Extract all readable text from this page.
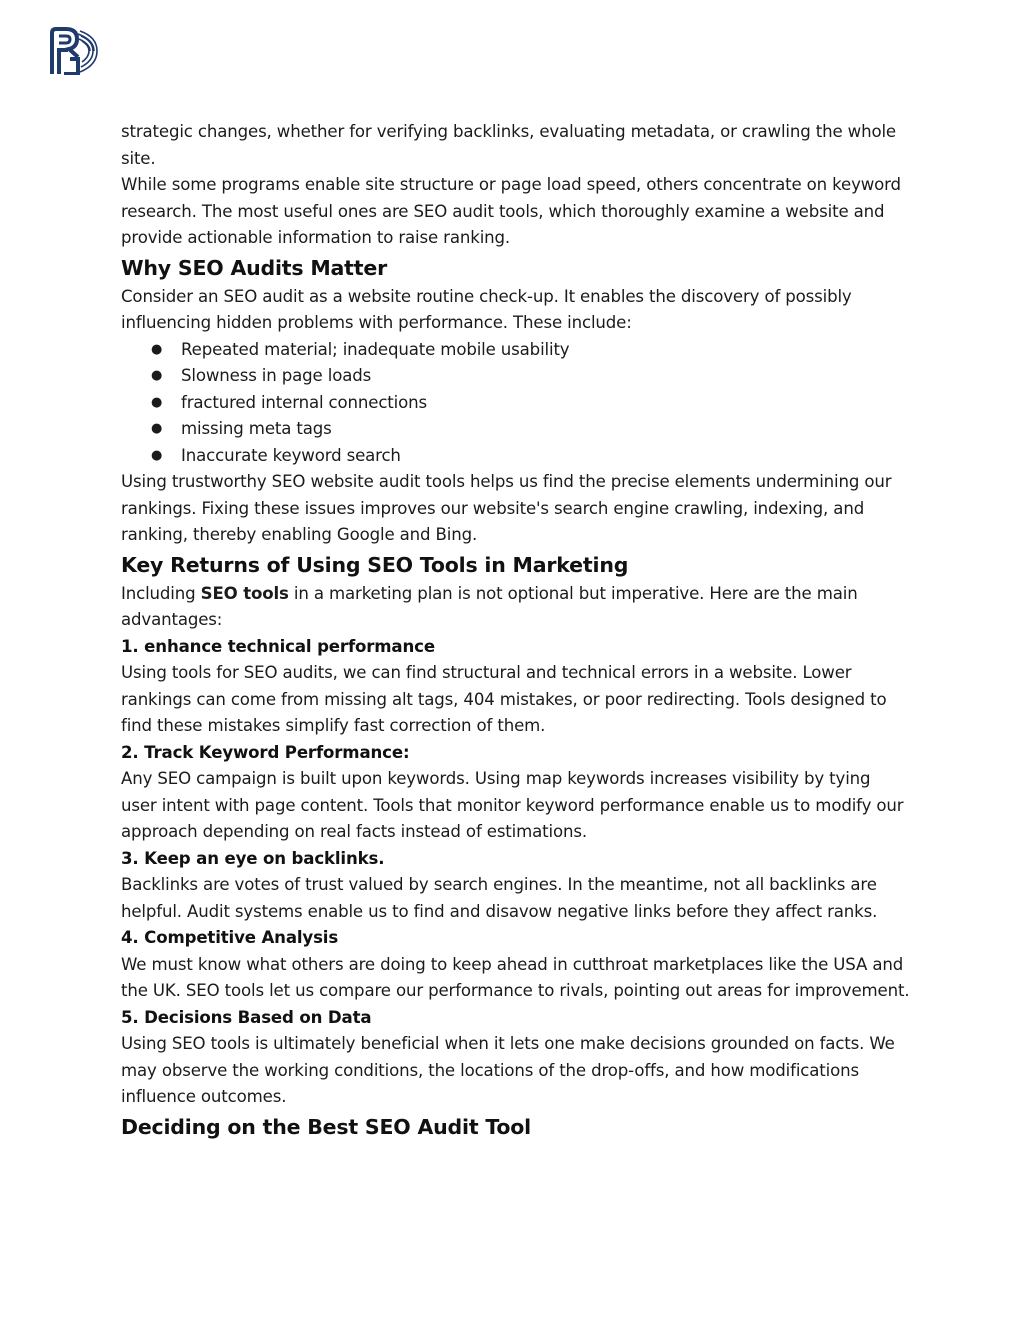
strategic changes, whether for verifying backlinks, evaluating metadata, or crawling the whole site.

While some programs enable site structure or page load speed, others concentrate on keyword research. The most useful ones are SEO audit tools, which thoroughly examine a website and provide actionable information to raise ranking.

Why SEO Audits Matter

Consider an SEO audit as a website routine check-up. It enables the discovery of possibly influencing hidden problems with performance. These include:

● Repeated material; inadequate mobile usability
● Slowness in page loads
● fractured internal connections
● missing meta tags
● Inaccurate keyword search

Using trustworthy SEO website audit tools helps us find the precise elements undermining our rankings. Fixing these issues improves our website's search engine crawling, indexing, and ranking, thereby enabling Google and Bing.

Key Returns of Using SEO Tools in Marketing

Including SEO tools in a marketing plan is not optional but imperative. Here are the main advantages:

1. enhance technical performance

Using tools for SEO audits, we can find structural and technical errors in a website. Lower rankings can come from missing alt tags, 404 mistakes, or poor redirecting. Tools designed to find these mistakes simplify fast correction of them.

2. Track Keyword Performance:

Any SEO campaign is built upon keywords. Using map keywords increases visibility by tying user intent with page content. Tools that monitor keyword performance enable us to modify our approach depending on real facts instead of estimations.

3. Keep an eye on backlinks.

Backlinks are votes of trust valued by search engines. In the meantime, not all backlinks are helpful. Audit systems enable us to find and disavow negative links before they affect ranks.

4. Competitive Analysis

We must know what others are doing to keep ahead in cutthroat marketplaces like the USA and the UK. SEO tools let us compare our performance to rivals, pointing out areas for improvement.

5. Decisions Based on Data

Using SEO tools is ultimately beneficial when it lets one make decisions grounded on facts. We may observe the working conditions, the locations of the drop-offs, and how modifications influence outcomes.

Deciding on the Best SEO Audit Tool
